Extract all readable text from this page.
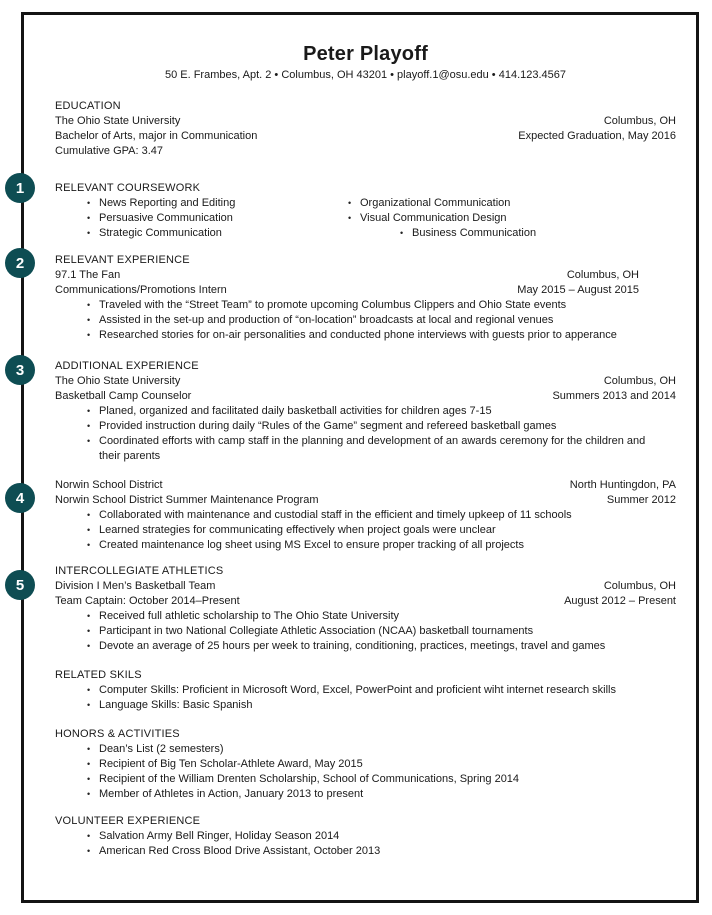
1
2
3
4
5
Peter Playoff
50 E. Frambes, Apt. 2 • Columbus, OH 43201 • playoff.1@osu.edu • 414.123.4567
EDUCATION
The Ohio State University	Columbus, OH
Bachelor of Arts, major in Communication	Expected Graduation, May 2016
Cumulative GPA: 3.47
RELEVANT COURSEWORK
• News Reporting and Editing
• Persuasive Communication
• Strategic Communication
• Organizational Communication
• Visual Communication Design
• Business Communication
RELEVANT EXPERIENCE
97.1 The Fan	Columbus, OH
Communications/Promotions Intern	May 2015 – August 2015
• Traveled with the “Street Team” to promote upcoming Columbus Clippers and Ohio State events
• Assisted in the set-up and production of “on-location” broadcasts at local and regional venues
• Researched stories for on-air personalities and conducted phone interviews with guests prior to apperance
ADDITIONAL EXPERIENCE
The Ohio State University	Columbus, OH
Basketball Camp Counselor	Summers 2013 and 2014
• Planed, organized and facilitated daily basketball activities for children ages 7-15
• Provided instruction during daily “Rules of the Game” segment and refereed basketball games
• Coordinated efforts with camp staff in the planning and development of an awards ceremony for the children and their parents
Norwin School District	North Huntingdon, PA
Norwin School District Summer Maintenance Program	Summer 2012
• Collaborated with maintenance and custodial staff in the efficient and timely upkeep of 11 schools
• Learned strategies for communicating effectively when project goals were unclear
• Created maintenance log sheet using MS Excel to ensure proper tracking of all projects
INTERCOLLEGIATE ATHLETICS
Division I Men’s Basketball Team	Columbus, OH
Team Captain: October 2014–Present	August 2012 – Present
• Received full athletic scholarship to The Ohio State University
• Participant in two National Collegiate Athletic Association (NCAA) basketball tournaments
• Devote an average of 25 hours per week to training, conditioning, practices, meetings, travel and games
RELATED SKILS
• Computer Skills: Proficient in Microsoft Word, Excel, PowerPoint and proficient wiht internet research skills
• Language Skills: Basic Spanish
HONORS & ACTIVITIES
• Dean’s List (2 semesters)
• Recipient of Big Ten Scholar-Athlete Award, May 2015
• Recipient of the William Drenten Scholarship, School of Communications, Spring 2014
• Member of Athletes in Action, January 2013 to present
VOLUNTEER EXPERIENCE
• Salvation Army Bell Ringer, Holiday Season 2014
• American Red Cross Blood Drive Assistant, October 2013
